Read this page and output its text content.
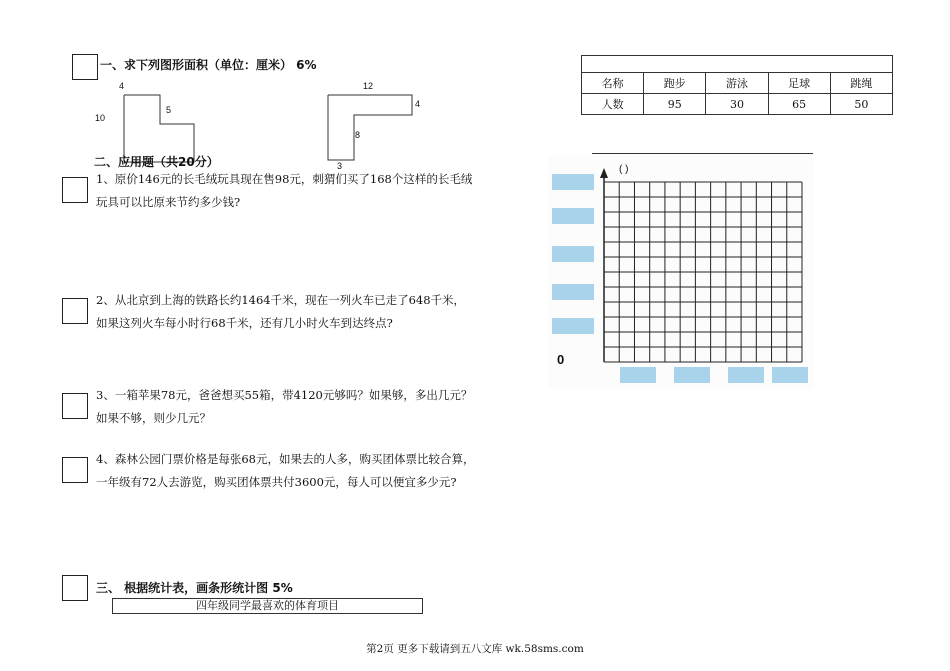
一、求下列图形面积（单位：厘米） 6%
4
5
10
12
4
8
3
二、应用题（共20分）
1、原价146元的长毛绒玩具现在售98元，刺猬们买了168个这样的长毛绒玩具可以比原来节约多少钱?
2、从北京到上海的铁路长约1464千米，现在一列火车已走了648千米，如果这列火车每小时行68千米，还有几小时火车到达终点?
3、一箱苹果78元，爸爸想买55箱，带4120元够吗？如果够，多出几元？如果不够，则少几元？
4、森林公园门票价格是每张68元，如果去的人多，购买团体票比较合算，一年级有72人去游览，购买团体票共付3600元，每人可以便宜多少元?
三、 根据统计表，画条形统计图 5%
四年级同学最喜欢的体育项目

名称	跑步	游泳	足球	跳绳
人数	95	30	65	50
( )
0
第2页 更多下载请到五八文库 wk.58sms.com
